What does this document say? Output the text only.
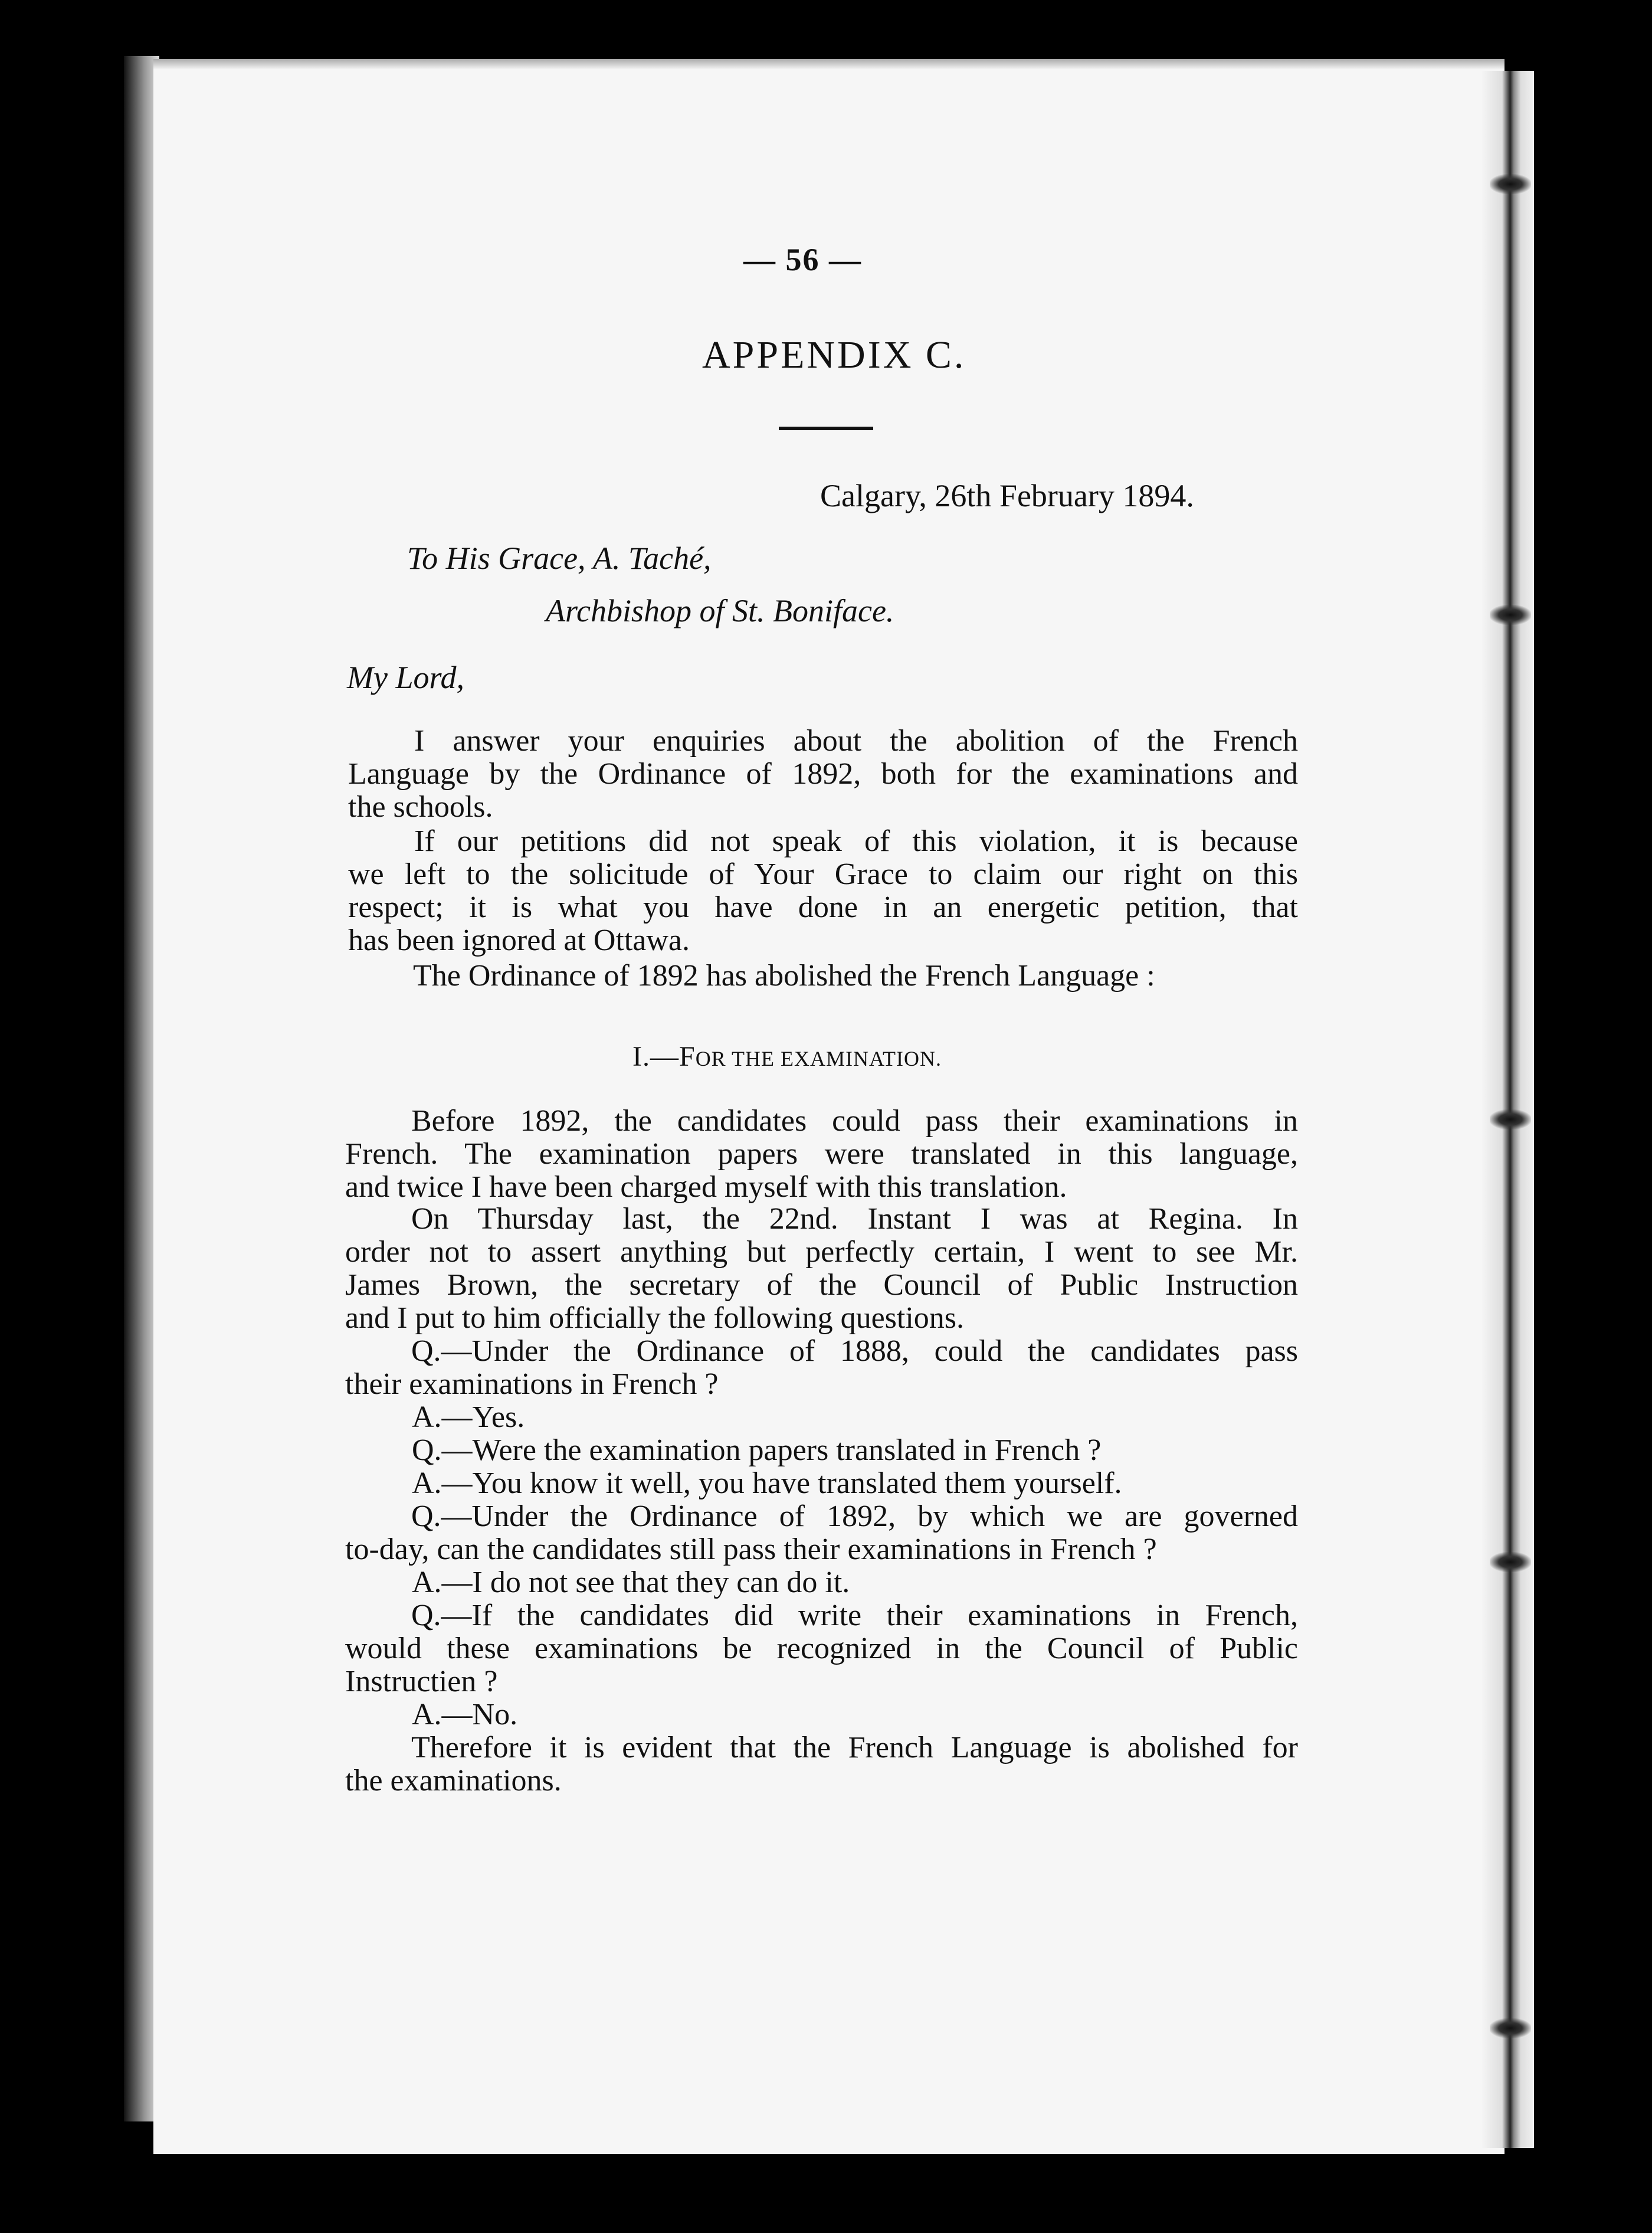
— 56 —
APPENDIX C.
Calgary, 26th February 1894.
To His Grace, A. Taché,
Archbishop of St. Boniface.
My Lord,
I answer your enquiries about the abolition of the French
Language by the Ordinance of 1892, both for the examinations and
the schools.
If our petitions did not speak of this violation, it is because
we left to the solicitude of Your Grace to claim our right on this
respect; it is what you have done in an energetic petition, that
has been ignored at Ottawa.
The Ordinance of 1892 has abolished the French Language :
I.—FOR THE EXAMINATION.
Before 1892, the candidates could pass their examinations in
French. The examination papers were translated in this language,
and twice I have been charged myself with this translation.
On Thursday last, the 22nd. Instant I was at Regina. In
order not to assert anything but perfectly certain, I went to see Mr.
James Brown, the secretary of the Council of Public Instruction
and I put to him officially the following questions.
Q.—Under the Ordinance of 1888, could the candidates pass
their examinations in French ?
A.—Yes.
Q.—Were the examination papers translated in French ?
A.—You know it well, you have translated them yourself.
Q.—Under the Ordinance of 1892, by which we are governed
to-day, can the candidates still pass their examinations in French ?
A.—I do not see that they can do it.
Q.—If the candidates did write their examinations in French,
would these examinations be recognized in the Council of Public
Instructien ?
A.—No.
Therefore it is evident that the French Language is abolished for
the examinations.
